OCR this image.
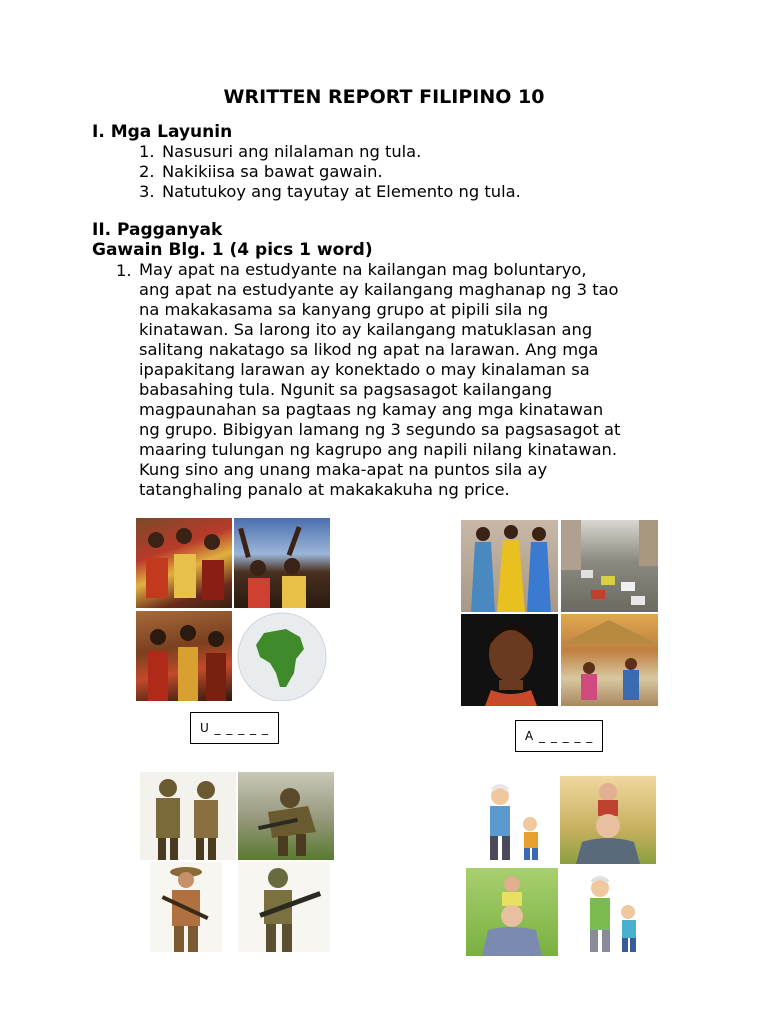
WRITTEN REPORT FILIPINO 10
I. Mga Layunin
1. Nasusuri ang nilalaman ng tula.
2. Nakikiisa sa bawat gawain.
3. Natutukoy ang tayutay at Elemento ng tula.
II. Pagganyak
Gawain Blg. 1 (4 pics 1 word)
1. May apat na estudyante na kailangan mag boluntaryo,
ang apat na estudyante ay kailangang maghanap ng 3 tao
na makakasama sa kanyang grupo at pipili sila ng
kinatawan. Sa larong ito ay kailangang matuklasan ang
salitang nakatago sa likod ng apat na larawan. Ang mga
ipapakitang larawan ay konektado o may kinalaman sa
babasahing tula. Ngunit sa pagsasagot kailangang
magpaunahan sa pagtaas ng kamay ang mga kinatawan
ng grupo. Bibigyan lamang ng 3 segundo sa pagsasagot at
maaring tulungan ng kagrupo ang napili nilang kinatawan.
Kung sino ang unang maka-apat na puntos sila ay
tatanghaling panalo at makakakuha ng price.
U _ _ _ _ _
A _ _ _ _ _
